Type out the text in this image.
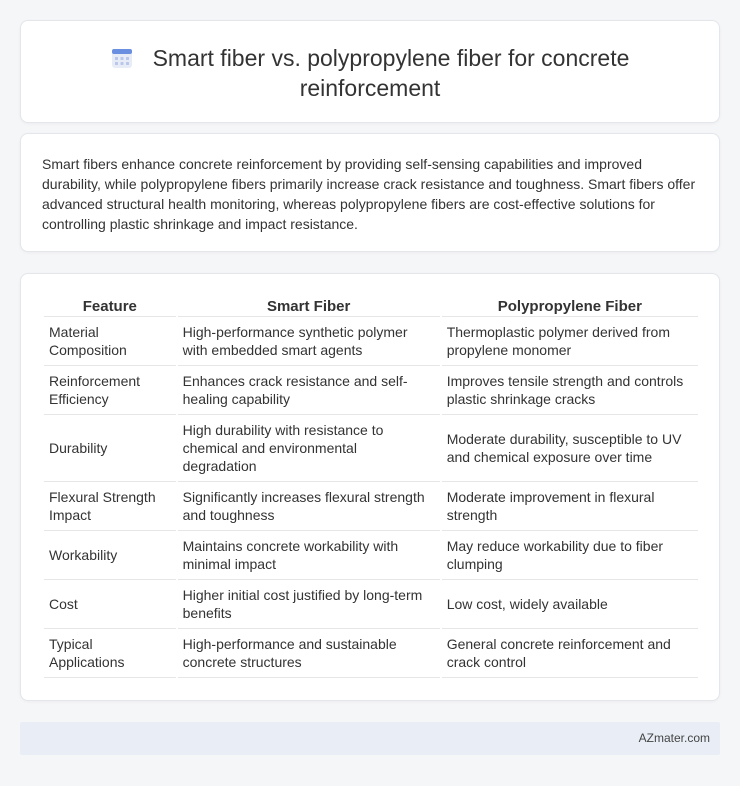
Smart fiber vs. polypropylene fiber for concrete
reinforcement

Smart fibers enhance concrete reinforcement by providing self-sensing capabilities and improved durability, while polypropylene fibers primarily increase crack resistance and toughness. Smart fibers offer advanced structural health monitoring, whereas polypropylene fibers are cost-effective solutions for controlling plastic shrinkage and impact resistance.

Feature	Smart Fiber	Polypropylene Fiber
Material Composition	High-performance synthetic polymer with embedded smart agents	Thermoplastic polymer derived from propylene monomer
Reinforcement Efficiency	Enhances crack resistance and self-healing capability	Improves tensile strength and controls plastic shrinkage cracks
Durability	High durability with resistance to chemical and environmental degradation	Moderate durability, susceptible to UV and chemical exposure over time
Flexural Strength Impact	Significantly increases flexural strength and toughness	Moderate improvement in flexural strength
Workability	Maintains concrete workability with minimal impact	May reduce workability due to fiber clumping
Cost	Higher initial cost justified by long-term benefits	Low cost, widely available
Typical Applications	High-performance and sustainable concrete structures	General concrete reinforcement and crack control
AZmater.com
